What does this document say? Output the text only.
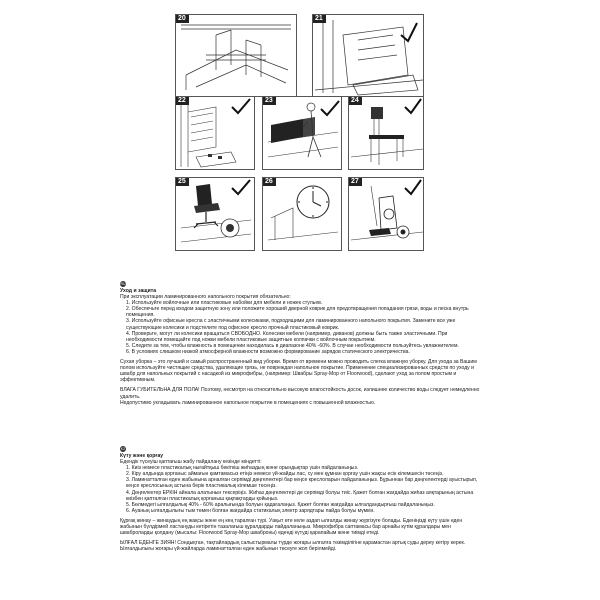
20	21
22	23	24
25	26	27
RU

Уход и защита

При эксплуатации ламинированного напольного покрытия обязательно:

1. Используйте войлочные или пластиковые набойки для мебели и ножек стульев.

2. Обеспечьте перед входом защитную зону или положите хороший дверной коврик для предотвращения попадания грязи, воды и песка внутрь помещения.

3. Используйте офисные кресла с эластичными колесиками, подходящими для ламинированного напольного покрытия. Замените все уже существующие колесики и подстелите под офисное кресло прочный пластиковый коврик.

4. Проверьте, могут ли колесики вращаться СВОБОДНО. Колесики мебели (например, диванов) должны быть также эластичными. При необходимости помещайте под ножки мебели пластиковые защитные колпачки с войлочным покрытием.

5. Следите за тем, чтобы влажность в помещении находилась в диапазоне 40% -60%. В случае необходимости пользуйтесь увлажнителем.

6. В условиях слишком низкой атмосферной влажности возможно формирование зарядов статического электричества.

Сухая уборка – это лучший и самый распространенный вид уборки. Время от времени можно проводить слегка влажную уборку. Для ухода за Вашим полом используйте чистящие средства, удаляющие грязь, не повреждая напольное покрытие. Применение специализированных средств по уходу и швабр для напольных покрытий с насадкой из микрофибры, (например: Швабры Spray-Mop от Floorwood), сделают уход за полом простым и эффективным.

ВЛАГА ГУБИТЕЛЬНА ДЛЯ ПОЛА! Поэтому, несмотря на относительно высокую влагостойкость досок, излишнее количество воды следует немедленно удалить.

Недопустимо укладывать ламинированное напольное покрытие в помещениях с повышенной влажностью.

KZ

Күту және қорғау

Едендік түсеуіш қаптағыш жабу пайдалану кезінде міндетті:

1. Киіз немесе пластикалық нығайтқыш бекіткіш жиһаздың және орындықтар үшін пайдаланыңыз.

2. Кіру алдында қорғаныс аймағын қамтамасыз етіңіз немесе үй-жайды лас, су мен құмнан қорғау үшін жақсы есік кілемшесін төсеңіз.

3. Ламинатталған еден жабынына арналған серпімді дөңгелектері бар кеңсе креслоларын пайдаланыңыз. Бұрыннан бар дөңгелектерді ауыстырып, кеңсе креслосының астына берік пластикалық кілемше төсеңіз.

4. Дөңгелектер ЕРКІН айнала алатынын тексеріңіз. Жиһаз дөңгелектері де серпімді болуы тиіс. Қажет болған жағдайда жиһаз аяқтарының астына киізбен қапталған пластикалық қорғаныш қақпақтарды қойыңыз.

5. Бөлмедегі ылғалдылық 40% - 60% аралығында болуын қадағалаңыз. Қажет болған жағдайда ылғалдандырғыш пайдаланыңыз.

6. Ауаның ылғалдылығы тым төмен болған жағдайда статикалық электр зарядтары пайда болуы мүмкін.

Құрғақ жинау – жинаудың ең жақсы және ең кең таралған түрі. Уақыт өте келе аздап ылғалды жинау жүргізуге болады. Еденіңізді күту үшін еден жабынын бүлдірмей ластануды кетіретін тазалағыш құралдарды пайдаланыңыз. Микрофибра саптамасы бар арнайы күтім құралдары мен шваброларды қолдану (мысалы: Floorwood Spray-Mop шваброны) еденді күтуді қарапайым және тиімді етеді.

ЫЛҒАЛ ЕДЕНГЕ ЗИЯН! Сондықтан, тақтайлардың салыстырмалы түрде жоғары ылғалға төзімділігіне қарамастан артық суды дереу кетіру керек.

Ылғалдылығы жоғары үй-жайларда ламинатталған еден жабынын төсеуге жол берілмейді.
